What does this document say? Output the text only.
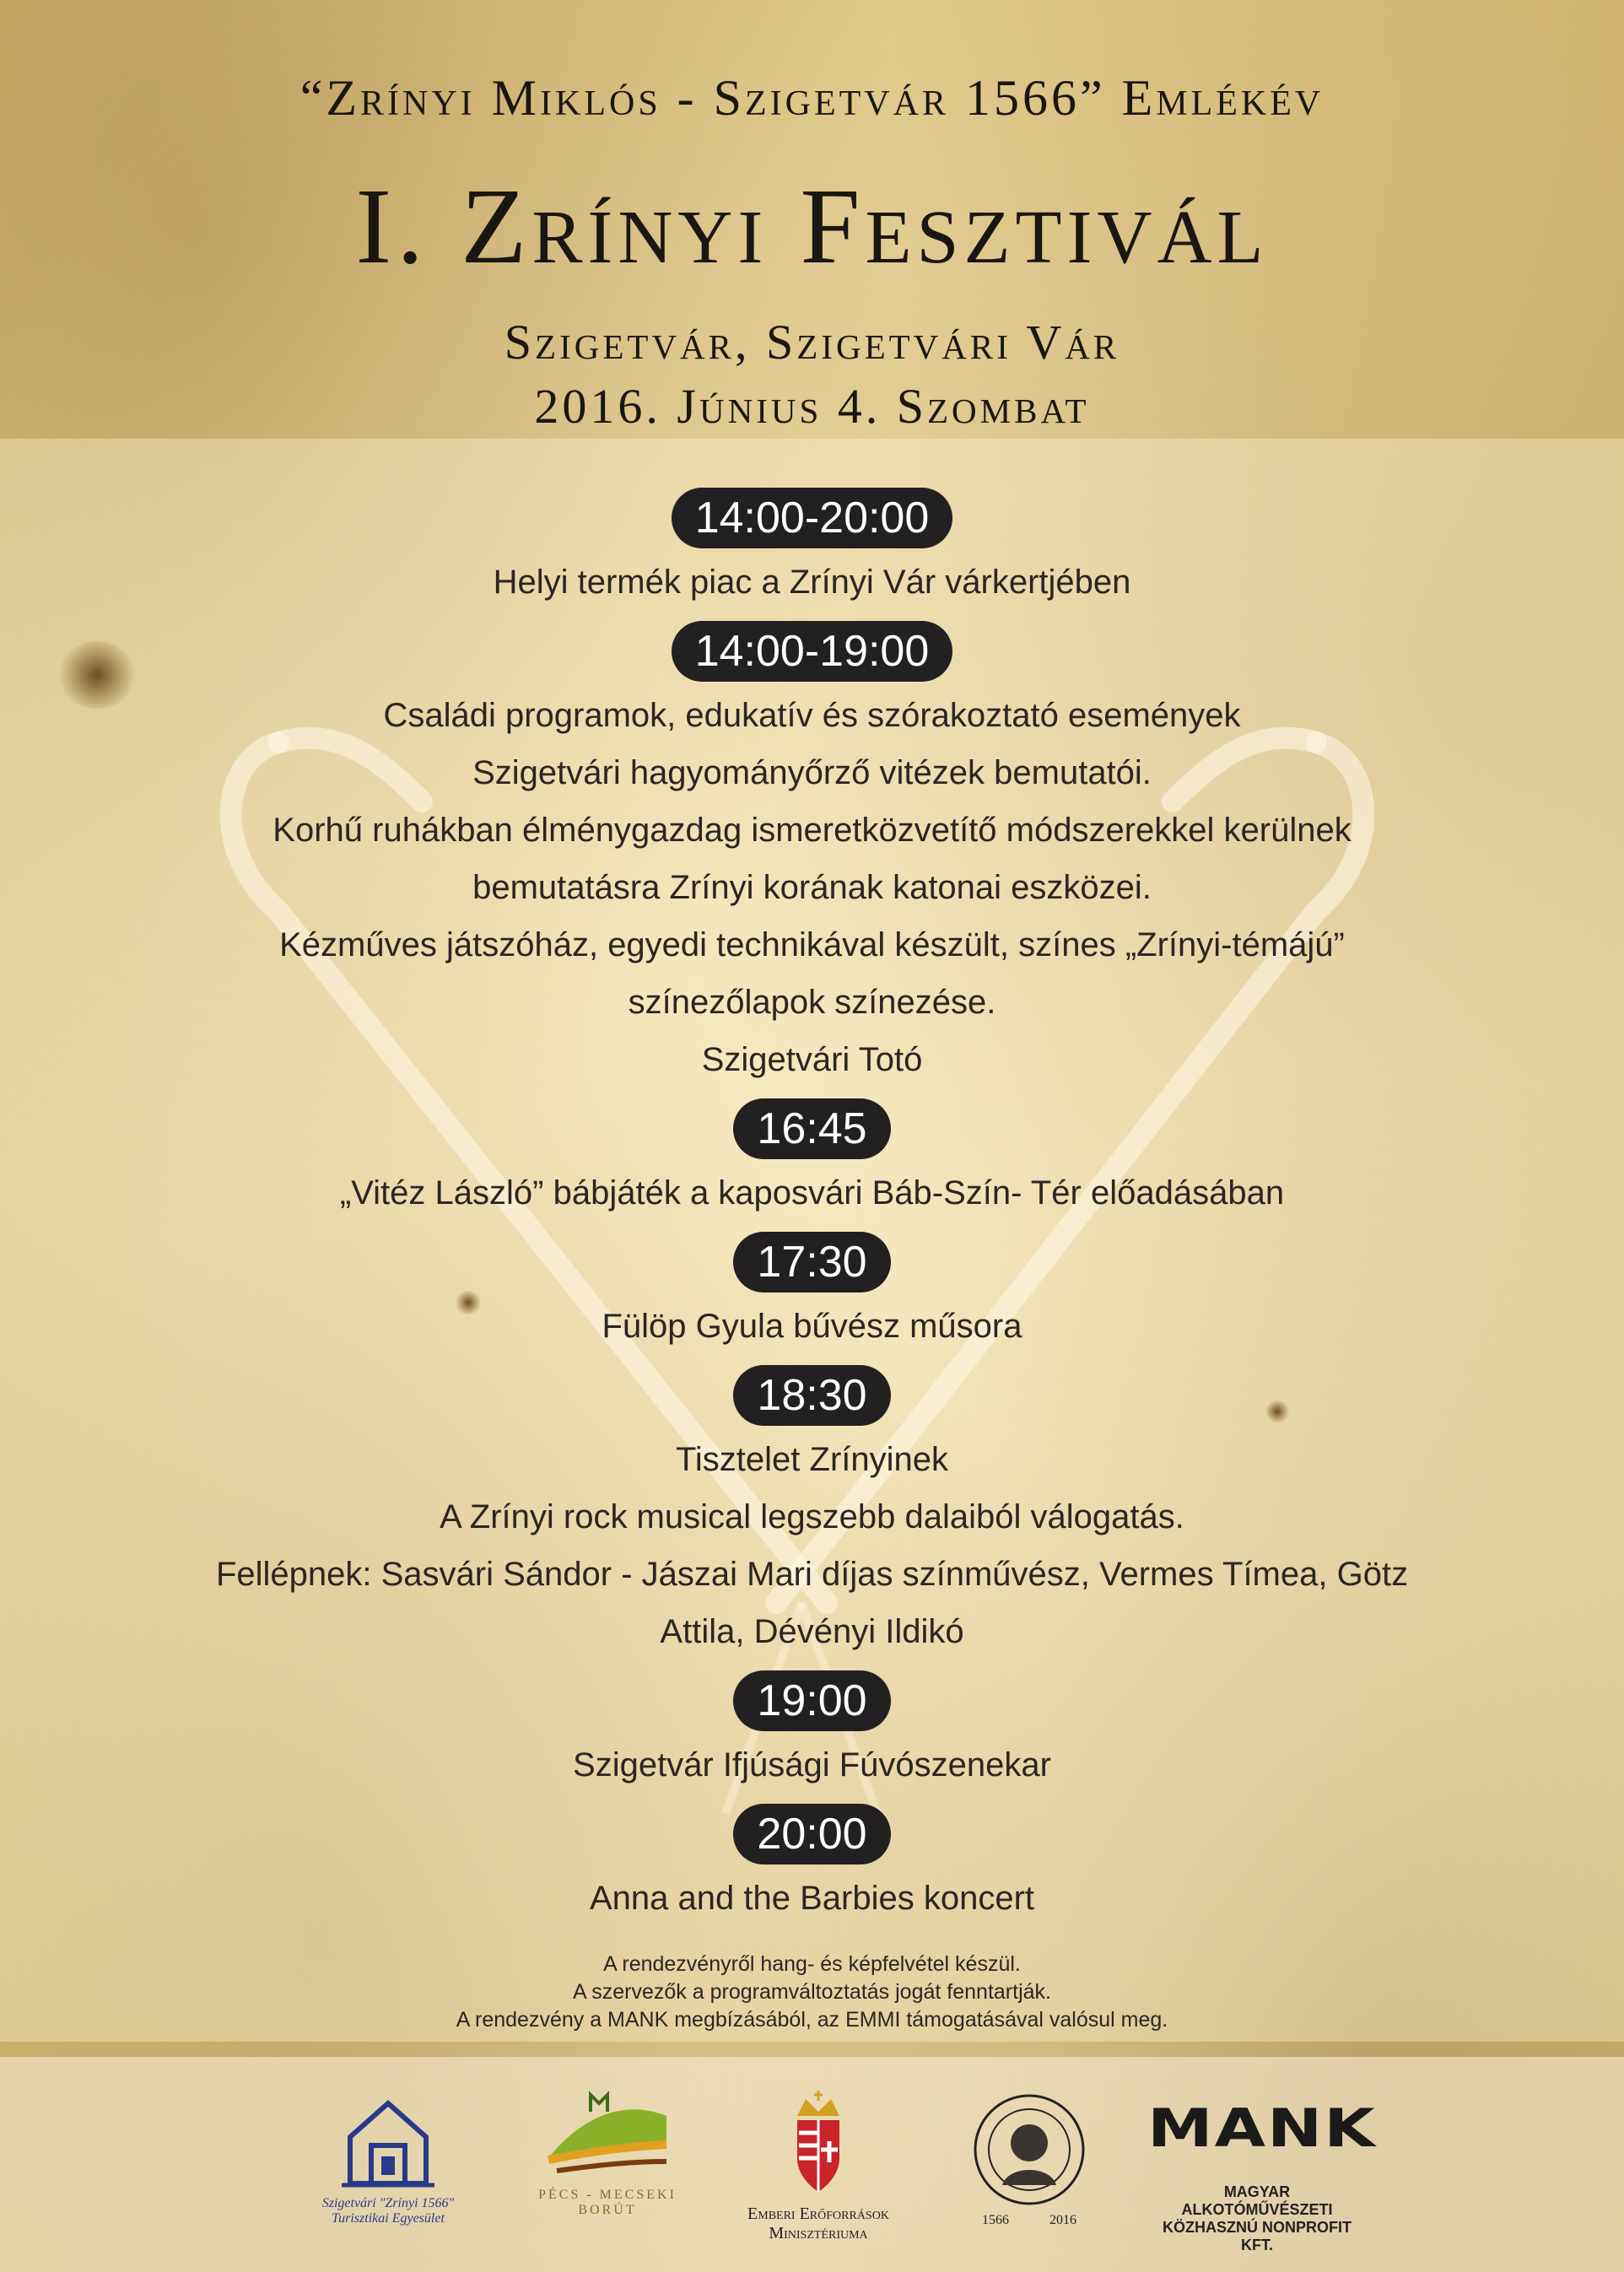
“Zrínyi Miklós - Szigetvár 1566” Emlékév
I. Zrínyi Fesztivál
Szigetvár, Szigetvári Vár
2016. Június 4. Szombat
14:00-20:00
Helyi termék piac a Zrínyi Vár várkertjében
14:00-19:00
Családi programok, edukatív és szórakoztató események
Szigetvári hagyományőrző vitézek bemutatói.
Korhű ruhákban élménygazdag ismeretközvetítő módszerekkel kerülnek
bemutatásra Zrínyi korának katonai eszközei.
Kézműves játszóház, egyedi technikával készült, színes „Zrínyi-témájú”
színezőlapok színezése.
Szigetvári Totó
16:45
„Vitéz László” bábjáték a kaposvári Báb-Szín- Tér előadásában
17:30
Fülöp Gyula bűvész műsora
18:30
Tisztelet Zrínyinek
A Zrínyi rock musical legszebb dalaiból válogatás.
Fellépnek: Sasvári Sándor - Jászai Mari díjas színművész, Vermes Tímea, Götz
Attila, Dévényi Ildikó
19:00
Szigetvár Ifjúsági Fúvószenekar
20:00
Anna and the Barbies koncert
A rendezvényről hang- és képfelvétel készül.
A szervezők a programváltoztatás jogát fenntartják.
A rendezvény a MANK megbízásából, az EMMI támogatásával valósul meg.
Szigetvári "Zrínyi 1566"
Turisztikai Egyesület
PÉCS - MECSEKI
BORÚT	Emberi Erőforrások
Minisztériuma
1566	2016
MANK
MAGYAR ALKOTÓMŰVÉSZETI
KÖZHASZNÚ NONPROFIT KFT.
